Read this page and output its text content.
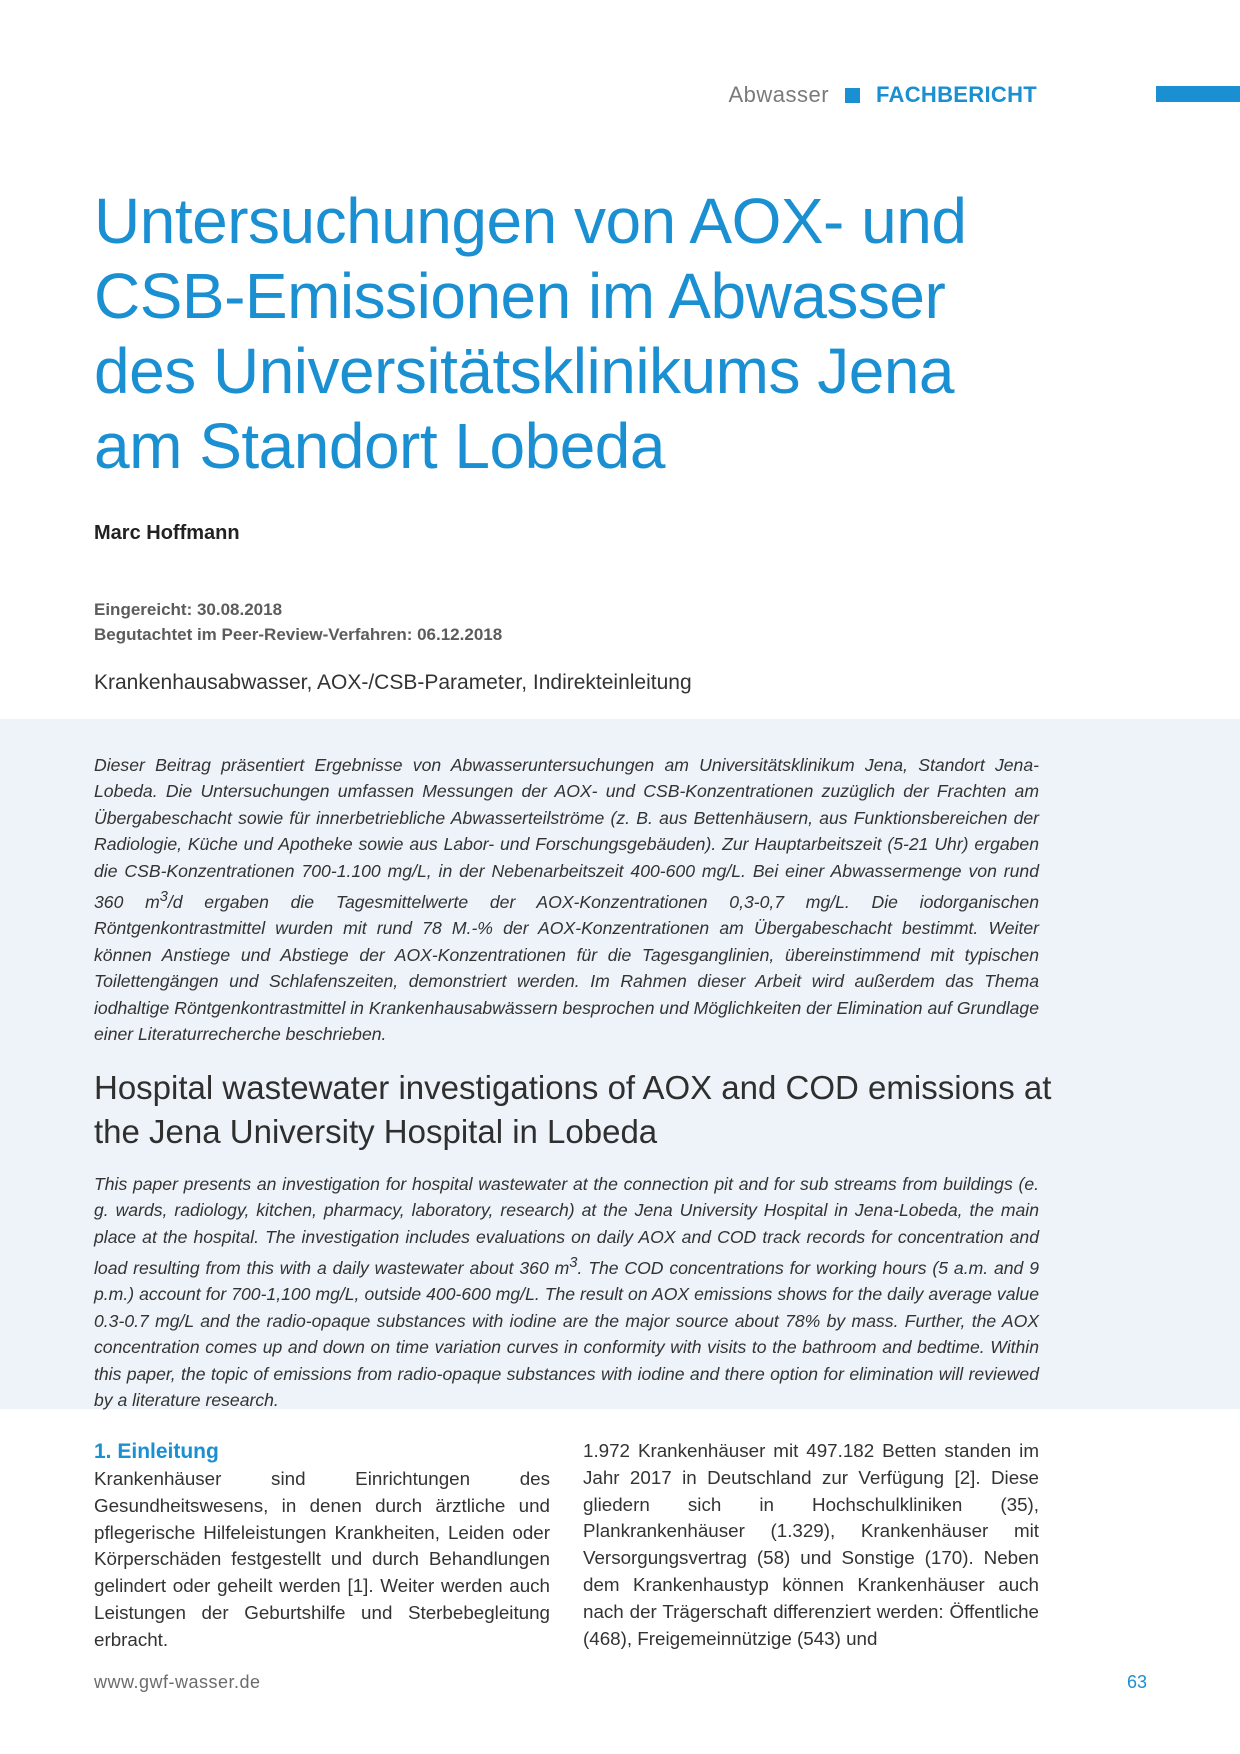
Abwasser FACHBERICHT
Untersuchungen von AOX- und
CSB-Emissionen im Abwasser
des Universitätsklinikums Jena
am Standort Lobeda
Marc Hoffmann
Eingereicht: 30.08.2018
Begutachtet im Peer-Review-Verfahren: 06.12.2018
Krankenhausabwasser, AOX-/CSB-Parameter, Indirekteinleitung

Dieser Beitrag präsentiert Ergebnisse von Abwasseruntersuchungen am Universitätsklinikum Jena, Standort Jena-Lobeda. Die Untersuchungen umfassen Messungen der AOX- und CSB-Konzentrationen zuzüglich der Frachten am Übergabeschacht sowie für innerbetriebliche Abwasserteilströme (z. B. aus Bettenhäusern, aus Funktionsbereichen der Radiologie, Küche und Apotheke sowie aus Labor- und Forschungsgebäuden). Zur Hauptarbeitszeit (5-21 Uhr) ergaben die CSB-Konzentrationen 700-1.100 mg/L, in der Nebenarbeitszeit 400-600 mg/L. Bei einer Abwassermenge von rund 360 $m^3/d$ ergaben die Tagesmittelwerte der AOX-Konzentrationen 0,3-0,7 mg/L. Die iodorganischen Röntgenkontrastmittel wurden mit rund 78 M.-% der AOX-Konzentrationen am Übergabeschacht bestimmt. Weiter können Anstiege und Abstiege der AOX-Konzentrationen für die Tagesganglinien, übereinstimmend mit typischen Toilettengängen und Schlafenszeiten, demonstriert werden. Im Rahmen dieser Arbeit wird außerdem das Thema iodhaltige Röntgenkontrastmittel in Krankenhausabwässern besprochen und Möglichkeiten der Elimination auf Grundlage einer Literaturrecherche beschrieben.

Hospital wastewater investigations of AOX and COD emissions at the Jena University Hospital in Lobeda

This paper presents an investigation for hospital wastewater at the connection pit and for sub streams from buildings (e. g. wards, radiology, kitchen, pharmacy, laboratory, research) at the Jena University Hospital in Jena-Lobeda, the main place at the hospital. The investigation includes evaluations on daily AOX and COD track records for concentration and load resulting from this with a daily wastewater about 360 $m^3$. The COD concentrations for working hours (5 a.m. and 9 p.m.) account for 700-1,100 mg/L, outside 400-600 mg/L. The result on AOX emissions shows for the daily average value 0.3-0.7 mg/L and the radio-opaque substances with iodine are the major source about 78% by mass. Further, the AOX concentration comes up and down on time variation curves in conformity with visits to the bathroom and bedtime. Within this paper, the topic of emissions from radio-opaque substances with iodine and there option for elimination will reviewed by a literature research.

1. Einleitung

Krankenhäuser sind Einrichtungen des Gesundheitswesens, in denen durch ärztliche und pflegerische Hilfeleistungen Krankheiten, Leiden oder Körperschäden festgestellt und durch Behandlungen gelindert oder geheilt werden [1]. Weiter werden auch Leistungen der Geburtshilfe und Sterbebegleitung erbracht.

1.972 Krankenhäuser mit 497.182 Betten standen im Jahr 2017 in Deutschland zur Verfügung [2]. Diese gliedern sich in Hochschulkliniken (35), Plankrankenhäuser (1.329), Krankenhäuser mit Versorgungsvertrag (58) und Sonstige (170). Neben dem Krankenhaustyp können Krankenhäuser auch nach der Trägerschaft differenziert werden: Öffentliche (468), Freigemeinnützige (543) und

www.gwf-wasser.de	63
